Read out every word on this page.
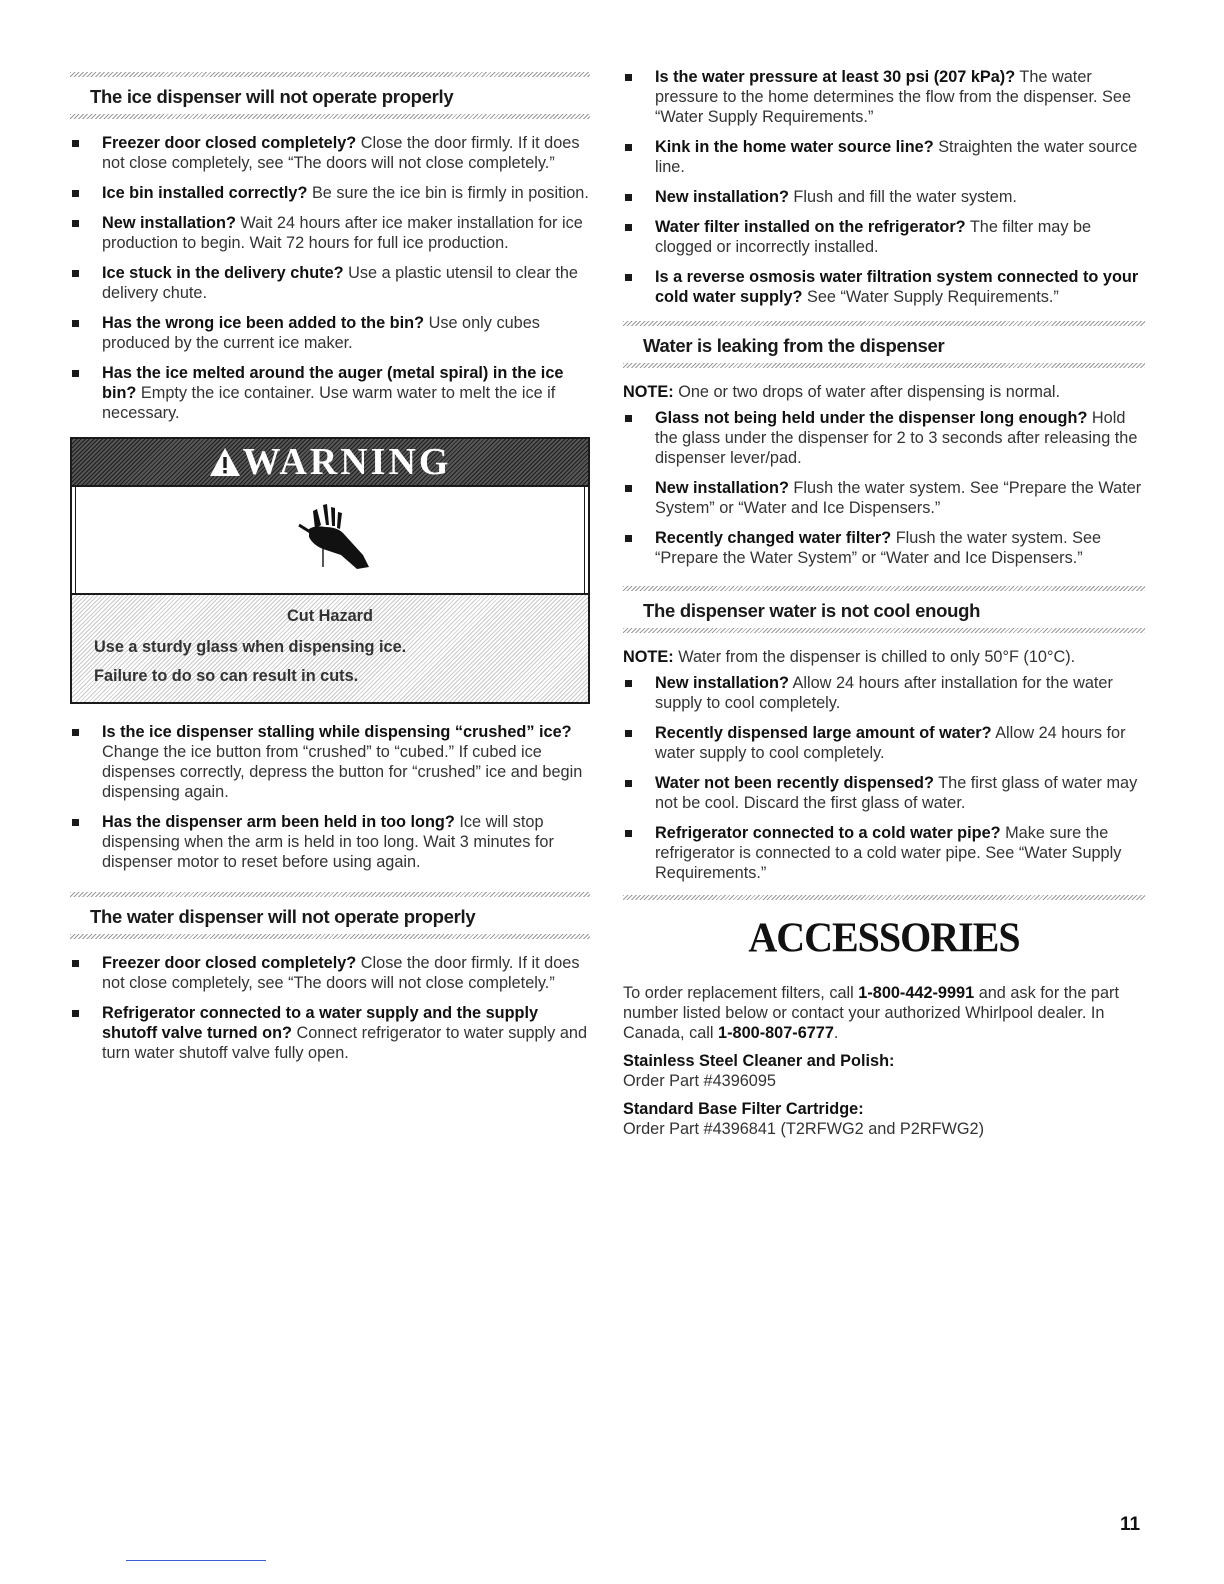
The ice dispenser will not operate properly
Freezer door closed completely? Close the door firmly. If it does not close completely, see “The doors will not close completely.”
Ice bin installed correctly? Be sure the ice bin is firmly in position.
New installation? Wait 24 hours after ice maker installation for ice production to begin. Wait 72 hours for full ice production.
Ice stuck in the delivery chute? Use a plastic utensil to clear the delivery chute.
Has the wrong ice been added to the bin? Use only cubes produced by the current ice maker.
Has the ice melted around the auger (metal spiral) in the ice bin? Empty the ice container. Use warm water to melt the ice if necessary.
WARNING
Cut Hazard
Use a sturdy glass when dispensing ice.
Failure to do so can result in cuts.
Is the ice dispenser stalling while dispensing “crushed” ice? Change the ice button from “crushed” to “cubed.” If cubed ice dispenses correctly, depress the button for “crushed” ice and begin dispensing again.
Has the dispenser arm been held in too long? Ice will stop dispensing when the arm is held in too long. Wait 3 minutes for dispenser motor to reset before using again.
The water dispenser will not operate properly
Freezer door closed completely? Close the door firmly. If it does not close completely, see “The doors will not close completely.”
Refrigerator connected to a water supply and the supply shutoff valve turned on? Connect refrigerator to water supply and turn water shutoff valve fully open.
Is the water pressure at least 30 psi (207 kPa)? The water pressure to the home determines the flow from the dispenser. See “Water Supply Requirements.”
Kink in the home water source line? Straighten the water source line.
New installation? Flush and fill the water system.
Water filter installed on the refrigerator? The filter may be clogged or incorrectly installed.
Is a reverse osmosis water filtration system connected to your cold water supply? See “Water Supply Requirements.”
Water is leaking from the dispenser
NOTE: One or two drops of water after dispensing is normal.
Glass not being held under the dispenser long enough? Hold the glass under the dispenser for 2 to 3 seconds after releasing the dispenser lever/pad.
New installation? Flush the water system. See “Prepare the Water System” or “Water and Ice Dispensers.”
Recently changed water filter? Flush the water system. See “Prepare the Water System” or “Water and Ice Dispensers.”
The dispenser water is not cool enough
NOTE: Water from the dispenser is chilled to only 50°F (10°C).
New installation? Allow 24 hours after installation for the water supply to cool completely.
Recently dispensed large amount of water? Allow 24 hours for water supply to cool completely.
Water not been recently dispensed? The first glass of water may not be cool. Discard the first glass of water.
Refrigerator connected to a cold water pipe? Make sure the refrigerator is connected to a cold water pipe. See “Water Supply Requirements.”
ACCESSORIES

To order replacement filters, call 1-800-442-9991 and ask for the part number listed below or contact your authorized Whirlpool dealer. In Canada, call 1-800-807-6777.

Stainless Steel Cleaner and Polish:
Order Part #4396095
Standard Base Filter Cartridge:
Order Part #4396841 (T2RFWG2 and P2RFWG2)
11
